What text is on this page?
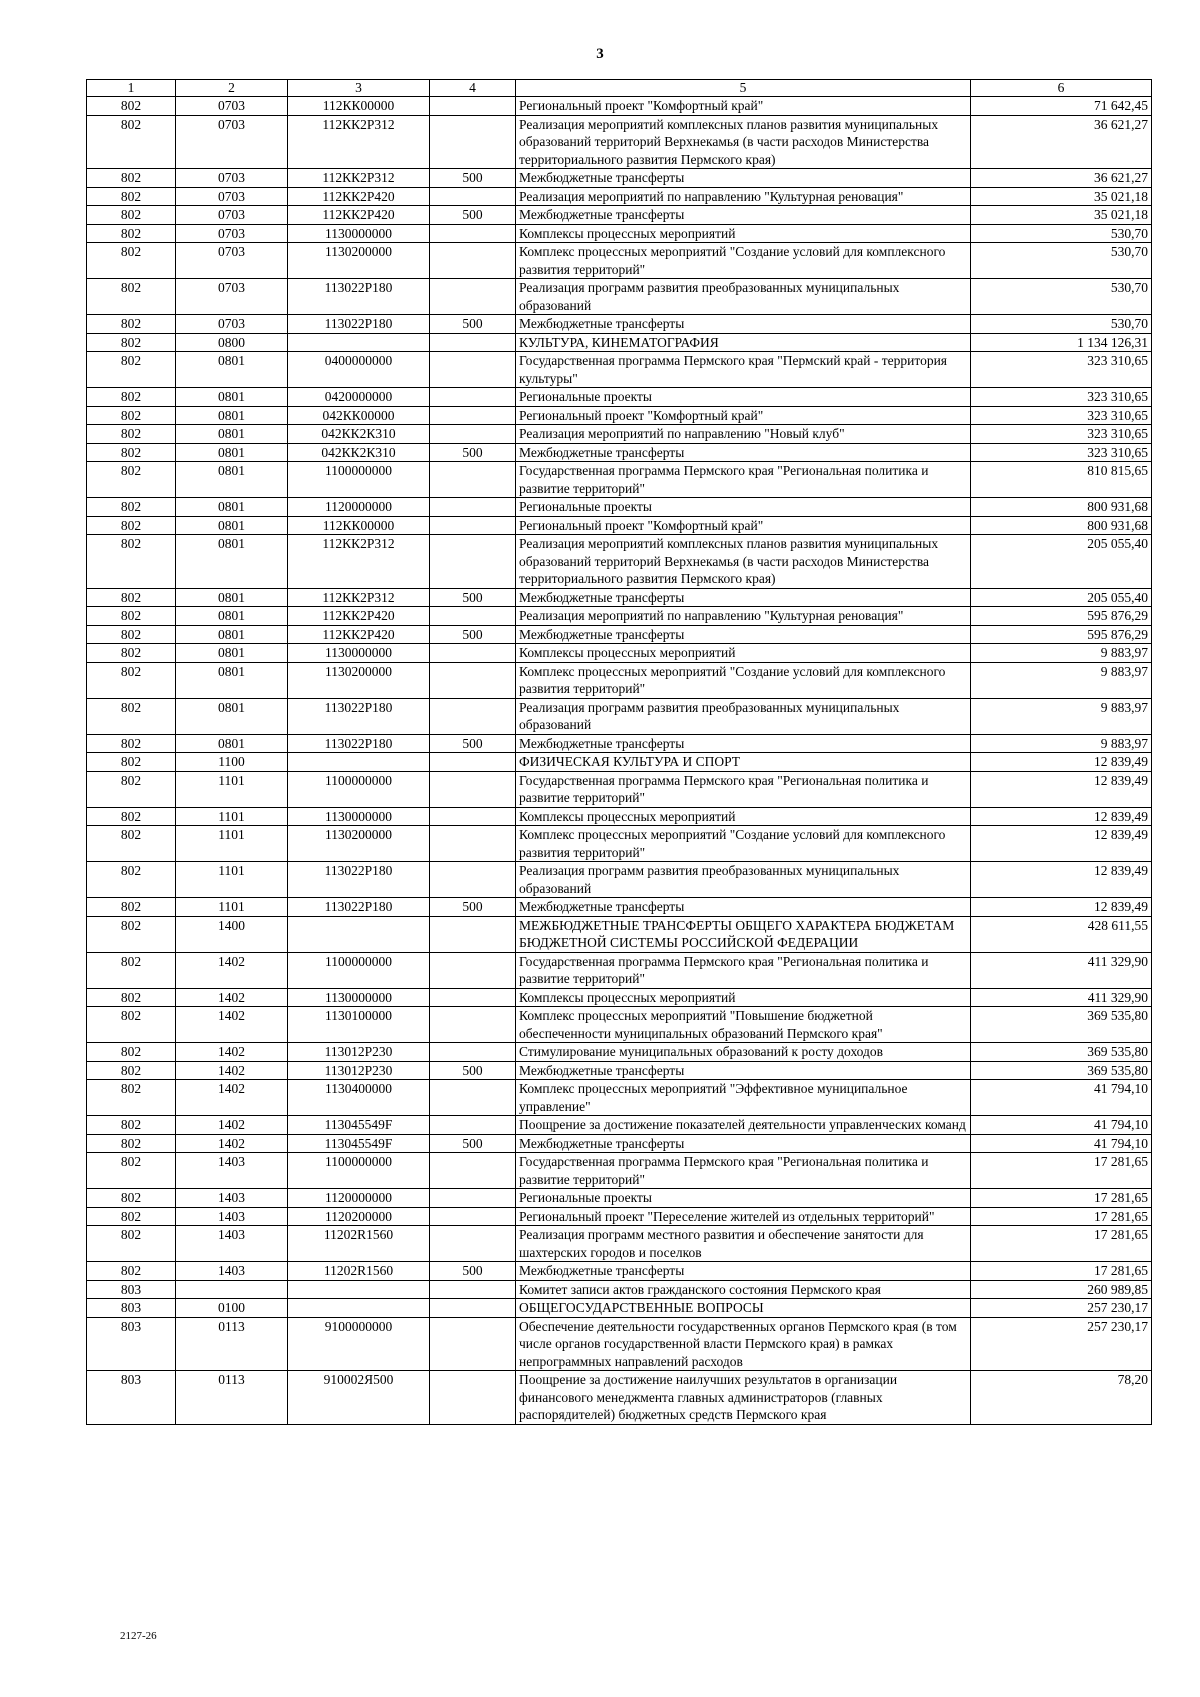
3
1	2	3	4	5	6
802	0703	112КК00000		Региональный проект "Комфортный край"	71 642,45
802	0703	112КК2Р312		Реализация мероприятий комплексных планов развития муниципальных образований территорий Верхнекамья (в части расходов Министерства территориального развития Пермского края)	36 621,27
802	0703	112КК2Р312	500	Межбюджетные трансферты	36 621,27
802	0703	112КК2Р420		Реализация мероприятий по направлению "Культурная реновация"	35 021,18
802	0703	112КК2Р420	500	Межбюджетные трансферты	35 021,18
802	0703	1130000000		Комплексы процессных мероприятий	530,70
802	0703	1130200000		Комплекс процессных мероприятий "Создание условий для комплексного развития территорий"	530,70
802	0703	113022Р180		Реализация программ развития преобразованных муниципальных образований	530,70
802	0703	113022Р180	500	Межбюджетные трансферты	530,70
802	0800			КУЛЬТУРА, КИНЕМАТОГРАФИЯ	1 134 126,31
802	0801	0400000000		Государственная программа Пермского края "Пермский край - территория культуры"	323 310,65
802	0801	0420000000		Региональные проекты	323 310,65
802	0801	042КК00000		Региональный проект "Комфортный край"	323 310,65
802	0801	042КК2К310		Реализация мероприятий по направлению "Новый клуб"	323 310,65
802	0801	042КК2К310	500	Межбюджетные трансферты	323 310,65
802	0801	1100000000		Государственная программа Пермского края "Региональная политика и развитие территорий"	810 815,65
802	0801	1120000000		Региональные проекты	800 931,68
802	0801	112КК00000		Региональный проект "Комфортный край"	800 931,68
802	0801	112КК2Р312		Реализация мероприятий комплексных планов развития муниципальных образований территорий Верхнекамья (в части расходов Министерства территориального развития Пермского края)	205 055,40
802	0801	112КК2Р312	500	Межбюджетные трансферты	205 055,40
802	0801	112КК2Р420		Реализация мероприятий по направлению "Культурная реновация"	595 876,29
802	0801	112КК2Р420	500	Межбюджетные трансферты	595 876,29
802	0801	1130000000		Комплексы процессных мероприятий	9 883,97
802	0801	1130200000		Комплекс процессных мероприятий "Создание условий для комплексного развития территорий"	9 883,97
802	0801	113022Р180		Реализация программ развития преобразованных муниципальных образований	9 883,97
802	0801	113022Р180	500	Межбюджетные трансферты	9 883,97
802	1100			ФИЗИЧЕСКАЯ КУЛЬТУРА И СПОРТ	12 839,49
802	1101	1100000000		Государственная программа Пермского края "Региональная политика и развитие территорий"	12 839,49
802	1101	1130000000		Комплексы процессных мероприятий	12 839,49
802	1101	1130200000		Комплекс процессных мероприятий "Создание условий для комплексного развития территорий"	12 839,49
802	1101	113022Р180		Реализация программ развития преобразованных муниципальных образований	12 839,49
802	1101	113022Р180	500	Межбюджетные трансферты	12 839,49
802	1400			МЕЖБЮДЖЕТНЫЕ ТРАНСФЕРТЫ ОБЩЕГО ХАРАКТЕРА БЮДЖЕТАМ БЮДЖЕТНОЙ СИСТЕМЫ РОССИЙСКОЙ ФЕДЕРАЦИИ	428 611,55
802	1402	1100000000		Государственная программа Пермского края "Региональная политика и развитие территорий"	411 329,90
802	1402	1130000000		Комплексы процессных мероприятий	411 329,90
802	1402	1130100000		Комплекс процессных мероприятий "Повышение бюджетной обеспеченности муниципальных образований Пермского края"	369 535,80
802	1402	113012Р230		Стимулирование муниципальных образований к росту доходов	369 535,80
802	1402	113012Р230	500	Межбюджетные трансферты	369 535,80
802	1402	1130400000		Комплекс процессных мероприятий "Эффективное муниципальное управление"	41 794,10
802	1402	113045549F		Поощрение за достижение показателей деятельности управленческих команд	41 794,10
802	1402	113045549F	500	Межбюджетные трансферты	41 794,10
802	1403	1100000000		Государственная программа Пермского края "Региональная политика и развитие территорий"	17 281,65
802	1403	1120000000		Региональные проекты	17 281,65
802	1403	1120200000		Региональный проект "Переселение жителей из отдельных территорий"	17 281,65
802	1403	11202R1560		Реализация программ местного развития и обеспечение занятости для шахтерских городов и поселков	17 281,65
802	1403	11202R1560	500	Межбюджетные трансферты	17 281,65
803				Комитет записи актов гражданского состояния Пермского края	260 989,85
803	0100			ОБЩЕГОСУДАРСТВЕННЫЕ ВОПРОСЫ	257 230,17
803	0113	9100000000		Обеспечение деятельности государственных органов Пермского края (в том числе органов государственной власти Пермского края) в рамках непрограммных направлений расходов	257 230,17
803	0113	910002Я500		Поощрение за достижение наилучших результатов в организации финансового менеджмента главных администраторов (главных распорядителей) бюджетных средств Пермского края	78,20
2127-26
